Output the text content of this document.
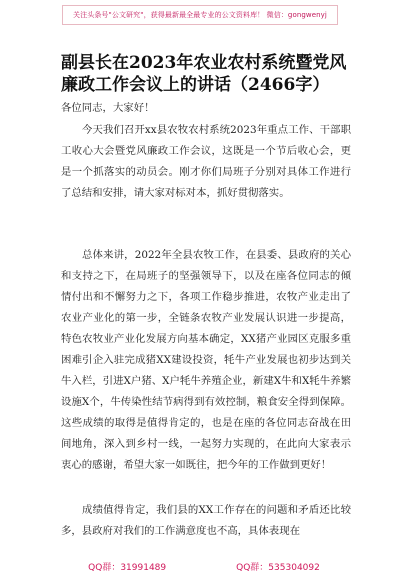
关注头条号"公文研究"，获得最新最全最专业的公文资料库！ 微信：gongwenyj
副县长在2023年农业农村系统暨党风廉政工作会议上的讲话（2466字）

各位同志，大家好！

今天我们召开xx县农牧农村系统2023年重点工作、干部职工收心大会暨党风廉政工作会议，这既是一个节后收心会，更是一个抓落实的动员会。刚才你们局班子分别对具体工作进行了总结和安排，请大家对标对本，抓好贯彻落实。

总体来讲，2022年全县农牧工作，在县委、县政府的关心和支持之下，在局班子的坚强领导下，以及在座各位同志的倾情付出和不懈努力之下，各项工作稳步推进，农牧产业走出了农业产业化的第一步，全链条农牧产业发展认识进一步提高，特色农牧业产业化发展方向基本确定，XX猪产业园区克服多重困难引企入驻完成猪XX建设投资，牦牛产业发展也初步达到关牛入栏，引进X户猪、X户牦牛养殖企业，新建X牛和X牦牛养繁设施X个，牛传染性结节病得到有效控制，粮食安全得到保障。这些成绩的取得是值得肯定的，也是在座的各位同志奋战在田间地角，深入到乡村一线，一起努力实现的，在此向大家表示衷心的感谢，希望大家一如既往，把今年的工作做到更好！

成绩值得肯定，我们县的XX工作存在的问题和矛盾还比较多，县政府对我们的工作满意度也不高，具体表现在

QQ群：31991489	QQ群：535304092
